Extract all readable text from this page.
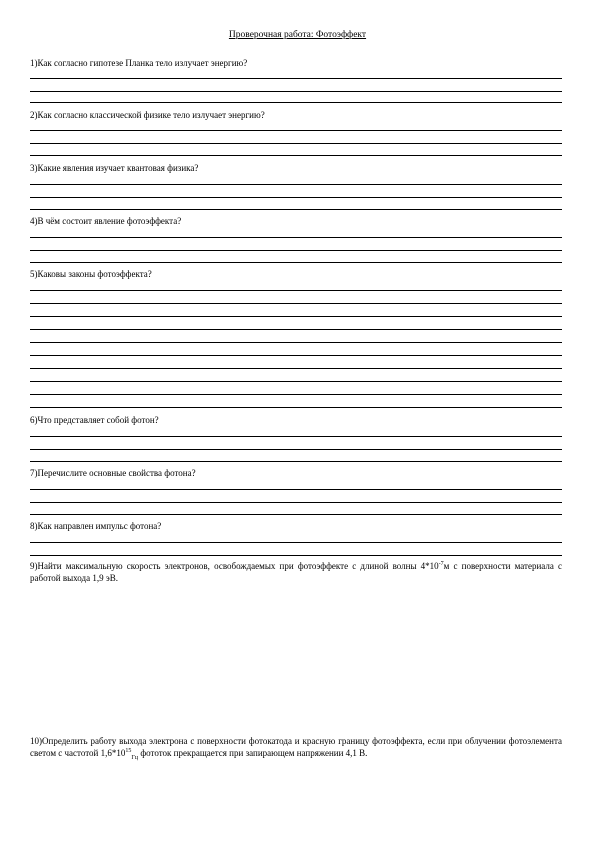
Проверочная работа: Фотоэффект
1)Как согласно гипотезе Планка тело излучает энергию?
2)Как согласно классической физике тело излучает энергию?
3)Какие явления изучает квантовая физика?
4)В чём состоит явление фотоэффекта?
5)Каковы законы фотоэффекта?
6)Что представляет собой фотон?
7)Перечислите основные свойства фотона?
8)Как направлен импульс фотона?
9)Найти максимальную скорость электронов, освобождаемых при фотоэффекте с длиной волны $4*10^{-7}м$ с поверхности материала с работой выхода 1,9 эВ.
10)Определить работу выхода электрона с поверхности фотокатода и красную границу фотоэффекта, если при облучении фотоэлемента светом с частотой $1,6*10^{15}_{Гц}$ фототок прекращается при запирающем напряжении 4,1 В.
